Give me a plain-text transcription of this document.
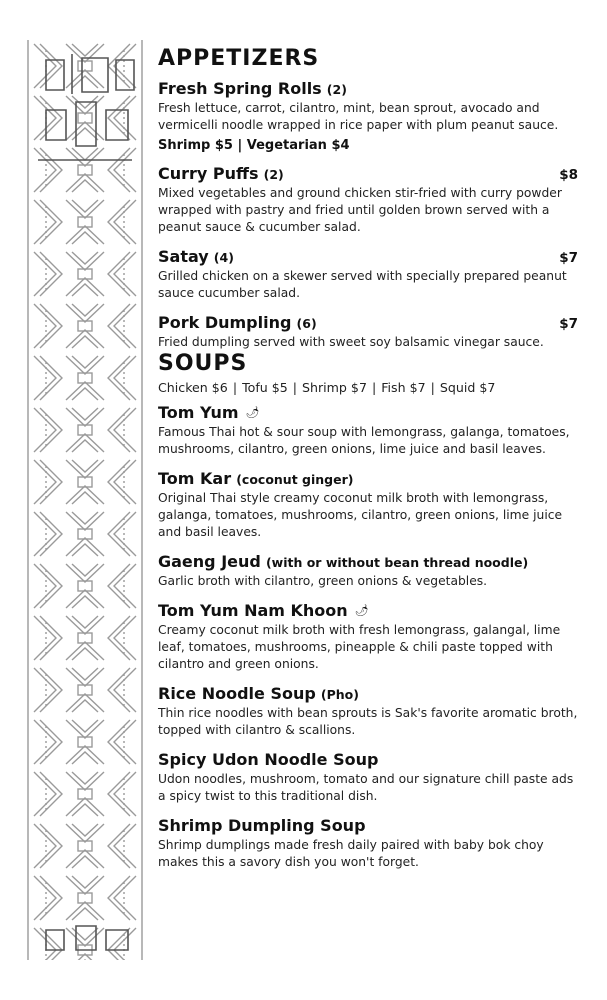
APPETIZERS
Fresh Spring Rolls (2)
Fresh lettuce, carrot, cilantro, mint, bean sprout, avocado and vermicelli noodle wrapped in rice paper with plum peanut sauce.
Shrimp $5 | Vegetarian $4
Curry Puffs (2)	$8
Mixed vegetables and ground chicken stir-fried with curry powder wrapped with pastry and fried until golden brown served with a peanut sauce & cucumber salad.
Satay (4)	$7
Grilled chicken on a skewer served with specially prepared peanut sauce cucumber salad.
Pork Dumpling (6)	$7
Fried dumpling served with sweet soy balsamic vinegar sauce.
SOUPS
Chicken $6 | Tofu $5 | Shrimp $7 | Fish $7 | Squid $7
Tom Yum 🌶
Famous Thai hot & sour soup with lemongrass, galanga, tomatoes, mushrooms, cilantro, green onions, lime juice and basil leaves.
Tom Kar (coconut ginger)
Original Thai style creamy coconut milk broth with lemongrass, galanga, tomatoes, mushrooms, cilantro, green onions, lime juice and basil leaves.
Gaeng Jeud (with or without bean thread noodle)
Garlic broth with cilantro, green onions & vegetables.
Tom Yum Nam Khoon 🌶
Creamy coconut milk broth with fresh lemongrass, galangal, lime leaf, tomatoes, mushrooms, pineapple & chili paste topped with cilantro and green onions.
Rice Noodle Soup (Pho)
Thin rice noodles with bean sprouts is Sak's favorite aromatic broth, topped with cilantro & scallions.
Spicy Udon Noodle Soup
Udon noodles, mushroom, tomato and our signature chill paste ads a spicy twist to this traditional dish.
Shrimp Dumpling Soup
Shrimp dumplings made fresh daily paired with baby bok choy makes this a savory dish you won't forget.
